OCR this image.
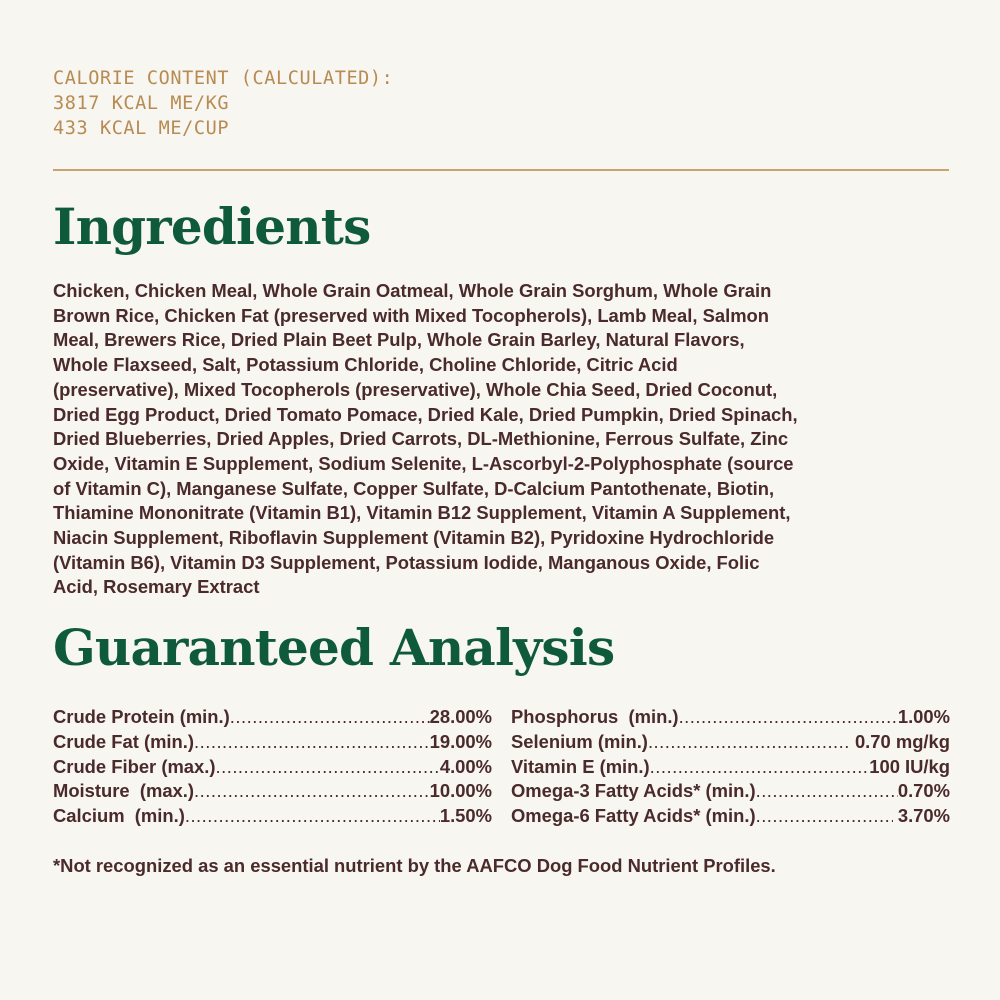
CALORIE CONTENT (CALCULATED):
3817 KCAL ME/KG
433 KCAL ME/CUP
Ingredients

Chicken, Chicken Meal, Whole Grain Oatmeal, Whole Grain Sorghum, Whole Grain
Brown Rice, Chicken Fat (preserved with Mixed Tocopherols), Lamb Meal, Salmon
Meal, Brewers Rice, Dried Plain Beet Pulp, Whole Grain Barley, Natural Flavors,
Whole Flaxseed, Salt, Potassium Chloride, Choline Chloride, Citric Acid
(preservative), Mixed Tocopherols (preservative), Whole Chia Seed, Dried Coconut,
Dried Egg Product, Dried Tomato Pomace, Dried Kale, Dried Pumpkin, Dried Spinach,
Dried Blueberries, Dried Apples, Dried Carrots, DL-Methionine, Ferrous Sulfate, Zinc
Oxide, Vitamin E Supplement, Sodium Selenite, L-Ascorbyl-2-Polyphosphate (source
of Vitamin C), Manganese Sulfate, Copper Sulfate, D-Calcium Pantothenate, Biotin,
Thiamine Mononitrate (Vitamin B1), Vitamin B12 Supplement, Vitamin A Supplement,
Niacin Supplement, Riboflavin Supplement (Vitamin B2), Pyridoxine Hydrochloride
(Vitamin B6), Vitamin D3 Supplement, Potassium Iodide, Manganous Oxide, Folic
Acid, Rosemary Extract

Guaranteed Analysis
Crude Protein (min.) .....	28.00%
Crude Fat (min.) .....	19.00%
Crude Fiber (max.) .....	4.00%
Moisture  (max.) .....	10.00%
Calcium  (min.) .....	1.50%
Phosphorus  (min.) .....	1.00%
Selenium (min.) .....	0.70 mg/kg
Vitamin E (min.) .....	100 IU/kg
Omega-3 Fatty Acids* (min.) .....	0.70%
Omega-6 Fatty Acids* (min.) .....	3.70%

*Not recognized as an essential nutrient by the AAFCO Dog Food Nutrient Profiles.
